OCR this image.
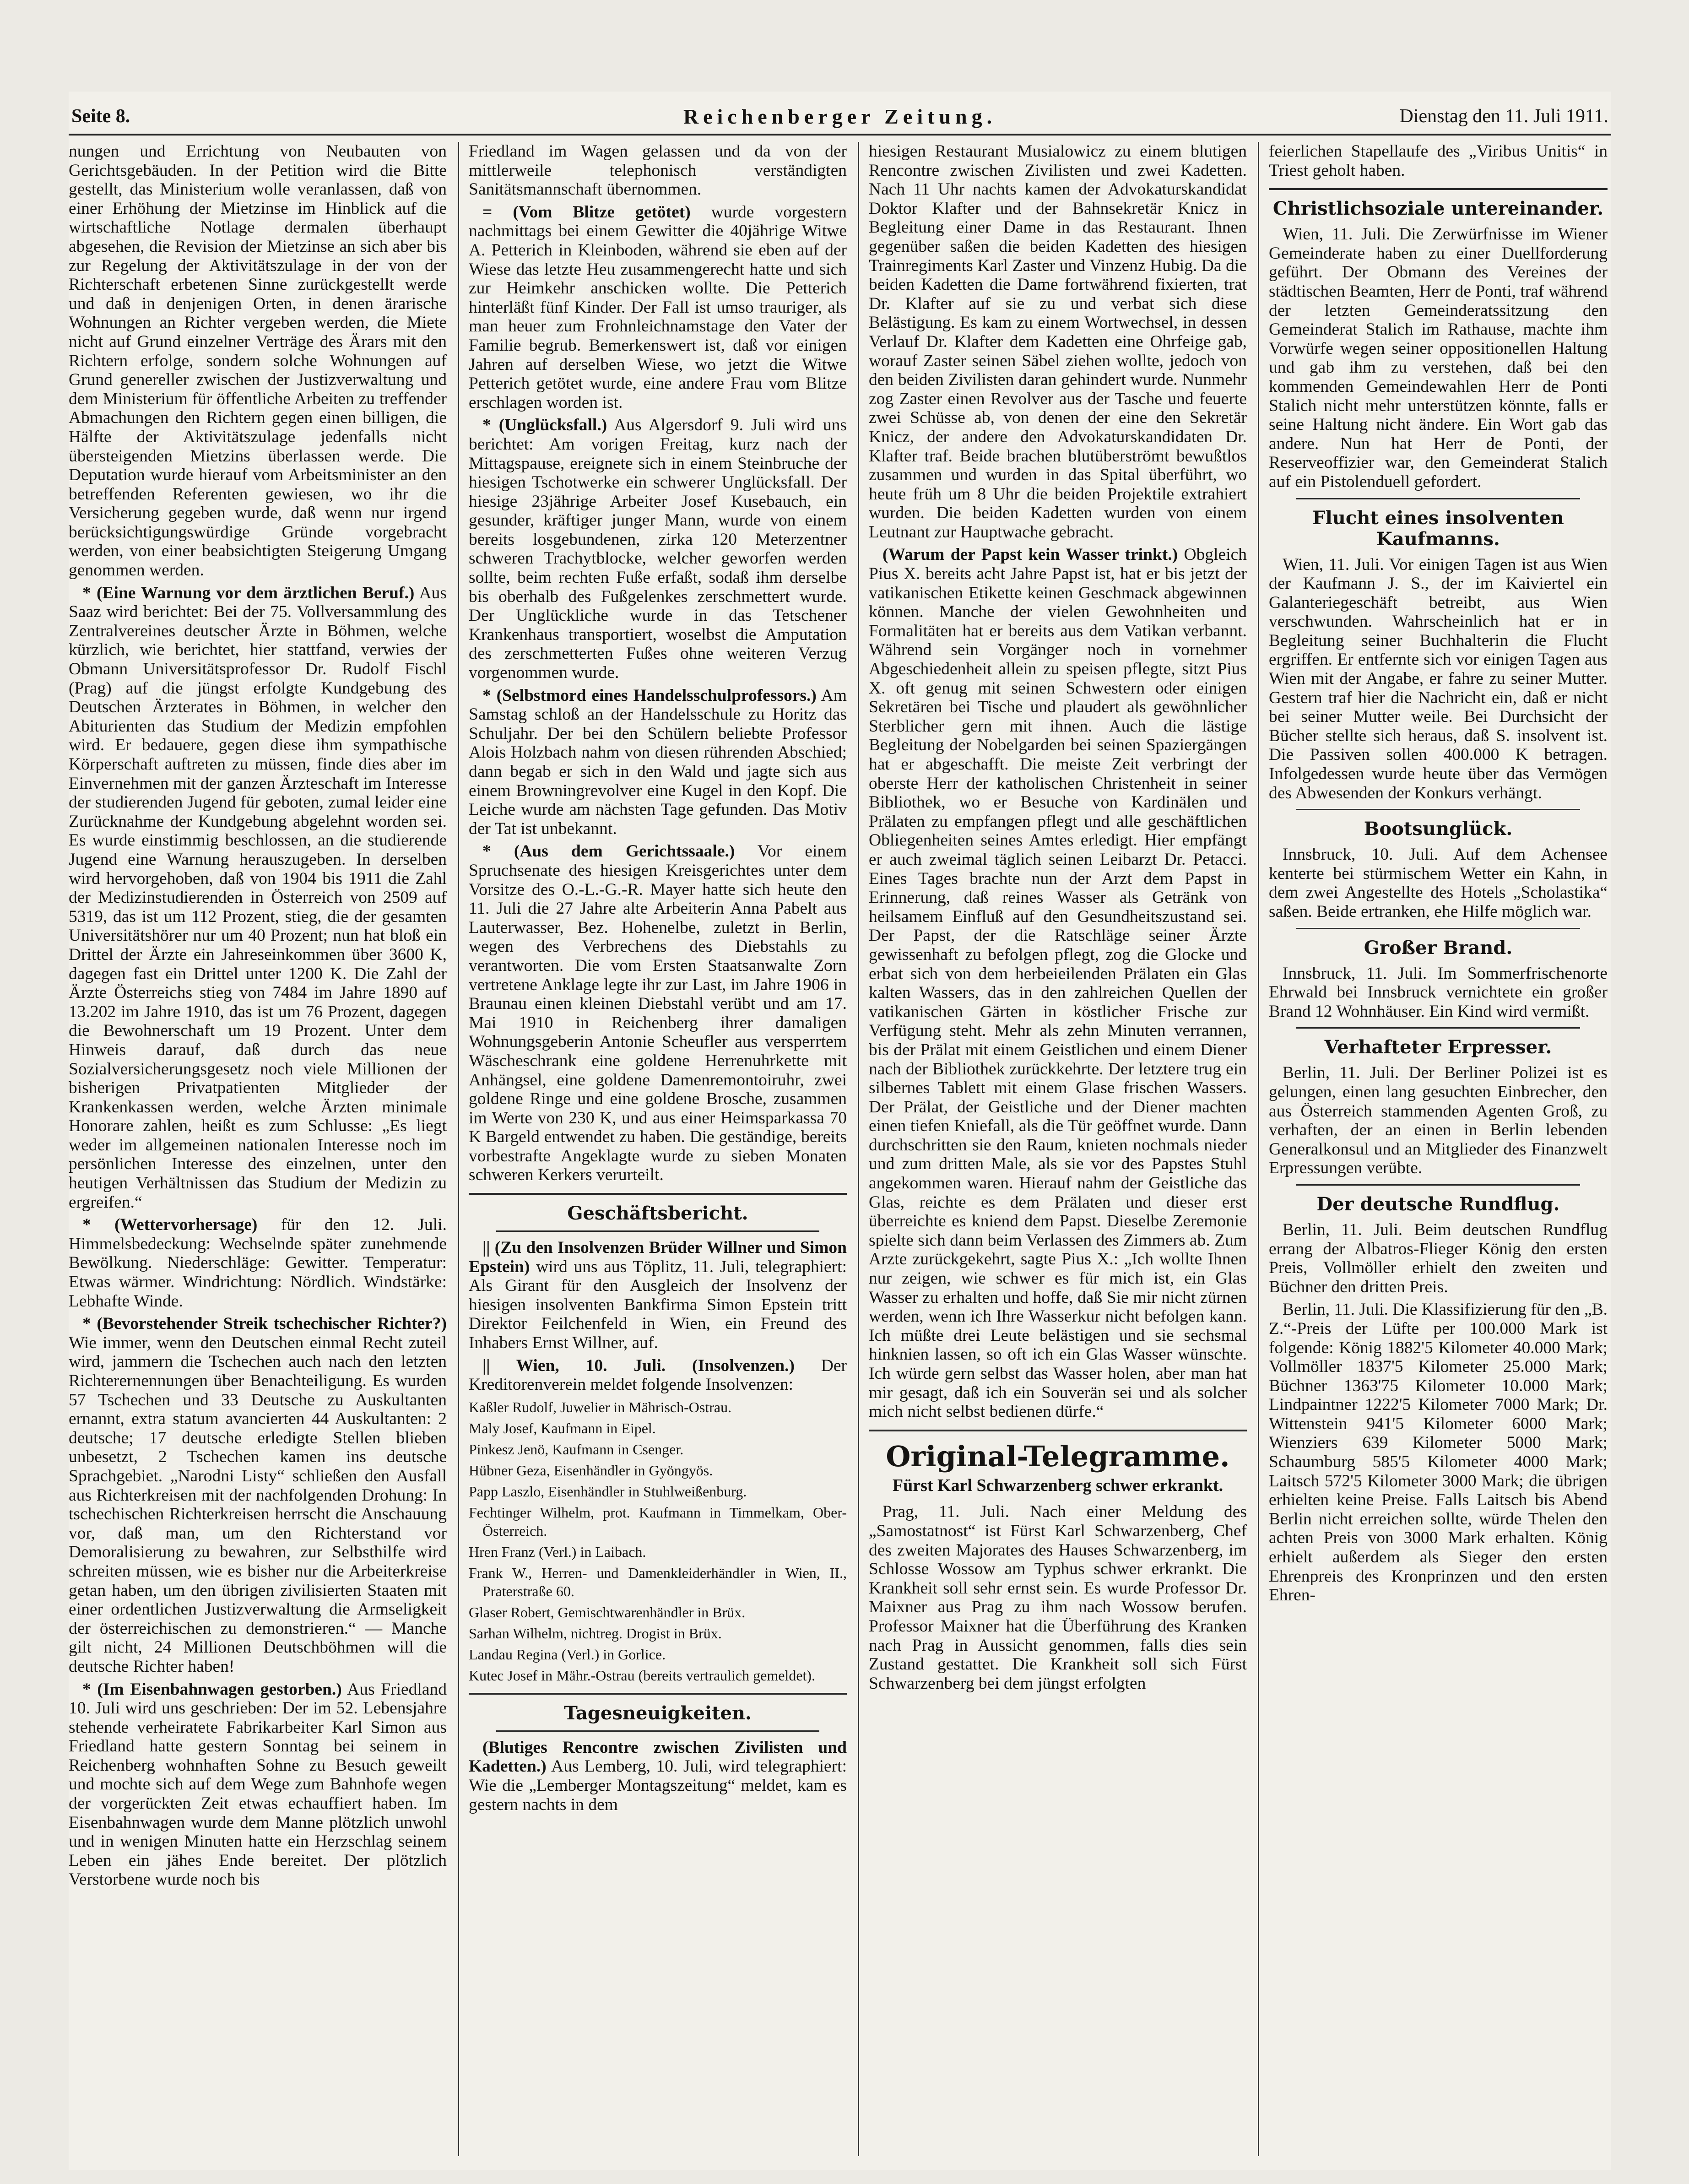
Seite 8.	Reichenberger Zeitung.	Dienstag den 11. Juli 1911.

nungen und Errichtung von Neubauten von Gerichtsgebäuden. In der Petition wird die Bitte gestellt, das Ministerium wolle veranlassen, daß von einer Erhöhung der Mietzinse im Hinblick auf die wirtschaftliche Notlage dermalen überhaupt abgesehen, die Revision der Mietzinse an sich aber bis zur Regelung der Aktivitätszulage in der von der Richterschaft erbetenen Sinne zurückgestellt werde und daß in denjenigen Orten, in denen ärarische Wohnungen an Richter vergeben werden, die Miete nicht auf Grund einzelner Verträge des Ärars mit den Richtern erfolge, sondern solche Wohnungen auf Grund genereller zwischen der Justizverwaltung und dem Ministerium für öffentliche Arbeiten zu treffender Abmachungen den Richtern gegen einen billigen, die Hälfte der Aktivitätszulage jedenfalls nicht übersteigenden Mietzins überlassen werde. Die Deputation wurde hierauf vom Arbeitsminister an den betreffenden Referenten gewiesen, wo ihr die Versicherung gegeben wurde, daß wenn nur irgend berücksichtigungswürdige Gründe vorgebracht werden, von einer beabsichtigten Steigerung Umgang genommen werden.

* (Eine Warnung vor dem ärztlichen Beruf.) Aus Saaz wird berichtet: Bei der 75. Vollversammlung des Zentralvereines deutscher Ärzte in Böhmen, welche kürzlich, wie berichtet, hier stattfand, verwies der Obmann Universitätsprofessor Dr. Rudolf Fischl (Prag) auf die jüngst erfolgte Kundgebung des Deutschen Ärzterates in Böhmen, in welcher den Abiturienten das Studium der Medizin empfohlen wird. Er bedauere, gegen diese ihm sympathische Körperschaft auftreten zu müssen, finde dies aber im Einvernehmen mit der ganzen Ärzteschaft im Interesse der studierenden Jugend für geboten, zumal leider eine Zurücknahme der Kundgebung abgelehnt worden sei. Es wurde einstimmig beschlossen, an die studierende Jugend eine Warnung herauszugeben. In derselben wird hervorgehoben, daß von 1904 bis 1911 die Zahl der Medizinstudierenden in Österreich von 2509 auf 5319, das ist um 112 Prozent, stieg, die der gesamten Universitätshörer nur um 40 Prozent; nun hat bloß ein Drittel der Ärzte ein Jahreseinkommen über 3600 K, dagegen fast ein Drittel unter 1200 K. Die Zahl der Ärzte Österreichs stieg von 7484 im Jahre 1890 auf 13.202 im Jahre 1910, das ist um 76 Prozent, dagegen die Bewohnerschaft um 19 Prozent. Unter dem Hinweis darauf, daß durch das neue Sozialversicherungsgesetz noch viele Millionen der bisherigen Privatpatienten Mitglieder der Krankenkassen werden, welche Ärzten minimale Honorare zahlen, heißt es zum Schlusse: „Es liegt weder im allgemeinen nationalen Interesse noch im persönlichen Interesse des einzelnen, unter den heutigen Verhältnissen das Studium der Medizin zu ergreifen.“

* (Wettervorhersage) für den 12. Juli. Himmelsbedeckung: Wechselnde später zunehmende Bewölkung. Niederschläge: Gewitter. Temperatur: Etwas wärmer. Windrichtung: Nördlich. Windstärke: Lebhafte Winde.

* (Bevorstehender Streik tschechischer Richter?) Wie immer, wenn den Deutschen einmal Recht zuteil wird, jammern die Tschechen auch nach den letzten Richterernennungen über Benachteiligung. Es wurden 57 Tschechen und 33 Deutsche zu Auskultanten ernannt, extra statum avancierten 44 Auskultanten: 2 deutsche; 17 deutsche erledigte Stellen blieben unbesetzt, 2 Tschechen kamen ins deutsche Sprachgebiet. „Narodni Listy“ schließen den Ausfall aus Richterkreisen mit der nachfolgenden Drohung: In tschechischen Richterkreisen herrscht die Anschauung vor, daß man, um den Richterstand vor Demoralisierung zu bewahren, zur Selbsthilfe wird schreiten müssen, wie es bisher nur die Arbeiterkreise getan haben, um den übrigen zivilisierten Staaten mit einer ordentlichen Justizverwaltung die Armseligkeit der österreichischen zu demonstrieren.“ — Manche gilt nicht, 24 Millionen Deutschböhmen will die deutsche Richter haben!

* (Im Eisenbahnwagen gestorben.) Aus Friedland 10. Juli wird uns geschrieben: Der im 52. Lebensjahre stehende verheiratete Fabrikarbeiter Karl Simon aus Friedland hatte gestern Sonntag bei seinem in Reichenberg wohnhaften Sohne zu Besuch geweilt und mochte sich auf dem Wege zum Bahnhofe wegen der vorgerückten Zeit etwas echauffiert haben. Im Eisenbahnwagen wurde dem Manne plötzlich unwohl und in wenigen Minuten hatte ein Herzschlag seinem Leben ein jähes Ende bereitet. Der plötzlich Verstorbene wurde noch bis

Friedland im Wagen gelassen und da von der mittlerweile telephonisch verständigten Sanitätsmannschaft übernommen.

= (Vom Blitze getötet) wurde vorgestern nachmittags bei einem Gewitter die 40jährige Witwe A. Petterich in Kleinboden, während sie eben auf der Wiese das letzte Heu zusammengerecht hatte und sich zur Heimkehr anschicken wollte. Die Petterich hinterläßt fünf Kinder. Der Fall ist umso trauriger, als man heuer zum Frohnleichnamstage den Vater der Familie begrub. Bemerkenswert ist, daß vor einigen Jahren auf derselben Wiese, wo jetzt die Witwe Petterich getötet wurde, eine andere Frau vom Blitze erschlagen worden ist.

* (Unglücksfall.) Aus Algersdorf 9. Juli wird uns berichtet: Am vorigen Freitag, kurz nach der Mittagspause, ereignete sich in einem Steinbruche der hiesigen Tschotwerke ein schwerer Unglücksfall. Der hiesige 23jährige Arbeiter Josef Kusebauch, ein gesunder, kräftiger junger Mann, wurde von einem bereits losgebundenen, zirka 120 Meterzentner schweren Trachytblocke, welcher geworfen werden sollte, beim rechten Fuße erfaßt, sodaß ihm derselbe bis oberhalb des Fußgelenkes zerschmettert wurde. Der Unglückliche wurde in das Tetschener Krankenhaus transportiert, woselbst die Amputation des zerschmetterten Fußes ohne weiteren Verzug vorgenommen wurde.

* (Selbstmord eines Handelsschulprofessors.) Am Samstag schloß an der Handelsschule zu Horitz das Schuljahr. Der bei den Schülern beliebte Professor Alois Holzbach nahm von diesen rührenden Abschied; dann begab er sich in den Wald und jagte sich aus einem Browningrevolver eine Kugel in den Kopf. Die Leiche wurde am nächsten Tage gefunden. Das Motiv der Tat ist unbekannt.

* (Aus dem Gerichtssaale.) Vor einem Spruchsenate des hiesigen Kreisgerichtes unter dem Vorsitze des O.-L.-G.-R. Mayer hatte sich heute den 11. Juli die 27 Jahre alte Arbeiterin Anna Pabelt aus Lauterwasser, Bez. Hohenelbe, zuletzt in Berlin, wegen des Verbrechens des Diebstahls zu verantworten. Die vom Ersten Staatsanwalte Zorn vertretene Anklage legte ihr zur Last, im Jahre 1906 in Braunau einen kleinen Diebstahl verübt und am 17. Mai 1910 in Reichenberg ihrer damaligen Wohnungsgeberin Antonie Scheufler aus versperrtem Wäscheschrank eine goldene Herrenuhrkette mit Anhängsel, eine goldene Damenremontoiruhr, zwei goldene Ringe und eine goldene Brosche, zusammen im Werte von 230 K, und aus einer Heimsparkassa 70 K Bargeld entwendet zu haben. Die geständige, bereits vorbestrafte Angeklagte wurde zu sieben Monaten schweren Kerkers verurteilt.

Geschäftsbericht.

|| (Zu den Insolvenzen Brüder Willner und Simon Epstein) wird uns aus Töplitz, 11. Juli, telegraphiert: Als Girant für den Ausgleich der Insolvenz der hiesigen insolventen Bankfirma Simon Epstein tritt Direktor Feilchenfeld in Wien, ein Freund des Inhabers Ernst Willner, auf.

|| Wien, 10. Juli. (Insolvenzen.) Der Kreditorenverein meldet folgende Insolvenzen:

Kaßler Rudolf, Juwelier in Mährisch-Ostrau.
Maly Josef, Kaufmann in Eipel.
Pinkesz Jenö, Kaufmann in Csenger.
Hübner Geza, Eisenhändler in Gyöngyös.
Papp Laszlo, Eisenhändler in Stuhlweißenburg.
Fechtinger Wilhelm, prot. Kaufmann in Timmelkam, Ober-Österreich.
Hren Franz (Verl.) in Laibach.
Frank W., Herren- und Damenkleiderhändler in Wien, II., Praterstraße 60.
Glaser Robert, Gemischtwarenhändler in Brüx.
Sarhan Wilhelm, nichtreg. Drogist in Brüx.
Landau Regina (Verl.) in Gorlice.
Kutec Josef in Mähr.-Ostrau (bereits vertraulich gemeldet).
Tagesneuigkeiten.

(Blutiges Rencontre zwischen Zivilisten und Kadetten.) Aus Lemberg, 10. Juli, wird telegraphiert: Wie die „Lemberger Montagszeitung“ meldet, kam es gestern nachts in dem

hiesigen Restaurant Musialowicz zu einem blutigen Rencontre zwischen Zivilisten und zwei Kadetten. Nach 11 Uhr nachts kamen der Advokaturskandidat Doktor Klafter und der Bahnsekretär Knicz in Begleitung einer Dame in das Restaurant. Ihnen gegenüber saßen die beiden Kadetten des hiesigen Trainregiments Karl Zaster und Vinzenz Hubig. Da die beiden Kadetten die Dame fortwährend fixierten, trat Dr. Klafter auf sie zu und verbat sich diese Belästigung. Es kam zu einem Wortwechsel, in dessen Verlauf Dr. Klafter dem Kadetten eine Ohrfeige gab, worauf Zaster seinen Säbel ziehen wollte, jedoch von den beiden Zivilisten daran gehindert wurde. Nunmehr zog Zaster einen Revolver aus der Tasche und feuerte zwei Schüsse ab, von denen der eine den Sekretär Knicz, der andere den Advokaturskandidaten Dr. Klafter traf. Beide brachen blutüberströmt bewußtlos zusammen und wurden in das Spital überführt, wo heute früh um 8 Uhr die beiden Projektile extrahiert wurden. Die beiden Kadetten wurden von einem Leutnant zur Hauptwache gebracht.

(Warum der Papst kein Wasser trinkt.) Obgleich Pius X. bereits acht Jahre Papst ist, hat er bis jetzt der vatikanischen Etikette keinen Geschmack abgewinnen können. Manche der vielen Gewohnheiten und Formalitäten hat er bereits aus dem Vatikan verbannt. Während sein Vorgänger noch in vornehmer Abgeschiedenheit allein zu speisen pflegte, sitzt Pius X. oft genug mit seinen Schwestern oder einigen Sekretären bei Tische und plaudert als gewöhnlicher Sterblicher gern mit ihnen. Auch die lästige Begleitung der Nobelgarden bei seinen Spaziergängen hat er abgeschafft. Die meiste Zeit verbringt der oberste Herr der katholischen Christenheit in seiner Bibliothek, wo er Besuche von Kardinälen und Prälaten zu empfangen pflegt und alle geschäftlichen Obliegenheiten seines Amtes erledigt. Hier empfängt er auch zweimal täglich seinen Leibarzt Dr. Petacci. Eines Tages brachte nun der Arzt dem Papst in Erinnerung, daß reines Wasser als Getränk von heilsamem Einfluß auf den Gesundheitszustand sei. Der Papst, der die Ratschläge seiner Ärzte gewissenhaft zu befolgen pflegt, zog die Glocke und erbat sich von dem herbeieilenden Prälaten ein Glas kalten Wassers, das in den zahlreichen Quellen der vatikanischen Gärten in köstlicher Frische zur Verfügung steht. Mehr als zehn Minuten verrannen, bis der Prälat mit einem Geistlichen und einem Diener nach der Bibliothek zurückkehrte. Der letztere trug ein silbernes Tablett mit einem Glase frischen Wassers. Der Prälat, der Geistliche und der Diener machten einen tiefen Kniefall, als die Tür geöffnet wurde. Dann durchschritten sie den Raum, knieten nochmals nieder und zum dritten Male, als sie vor des Papstes Stuhl angekommen waren. Hierauf nahm der Geistliche das Glas, reichte es dem Prälaten und dieser erst überreichte es kniend dem Papst. Dieselbe Zeremonie spielte sich dann beim Verlassen des Zimmers ab. Zum Arzte zurückgekehrt, sagte Pius X.: „Ich wollte Ihnen nur zeigen, wie schwer es für mich ist, ein Glas Wasser zu erhalten und hoffe, daß Sie mir nicht zürnen werden, wenn ich Ihre Wasserkur nicht befolgen kann. Ich müßte drei Leute belästigen und sie sechsmal hinknien lassen, so oft ich ein Glas Wasser wünschte. Ich würde gern selbst das Wasser holen, aber man hat mir gesagt, daß ich ein Souverän sei und als solcher mich nicht selbst bedienen dürfe.“

Original-Telegramme.
Fürst Karl Schwarzenberg schwer erkrankt.

Prag, 11. Juli. Nach einer Meldung des „Samostatnost“ ist Fürst Karl Schwarzenberg, Chef des zweiten Majorates des Hauses Schwarzenberg, im Schlosse Wossow am Typhus schwer erkrankt. Die Krankheit soll sehr ernst sein. Es wurde Professor Dr. Maixner aus Prag zu ihm nach Wossow berufen. Professor Maixner hat die Überführung des Kranken nach Prag in Aussicht genommen, falls dies sein Zustand gestattet. Die Krankheit soll sich Fürst Schwarzenberg bei dem jüngst erfolgten

feierlichen Stapellaufe des „Viribus Unitis“ in Triest geholt haben.

Christlichsoziale untereinander.

Wien, 11. Juli. Die Zerwürfnisse im Wiener Gemeinderate haben zu einer Duellforderung geführt. Der Obmann des Vereines der städtischen Beamten, Herr de Ponti, traf während der letzten Gemeinderatssitzung den Gemeinderat Stalich im Rathause, machte ihm Vorwürfe wegen seiner oppositionellen Haltung und gab ihm zu verstehen, daß bei den kommenden Gemeindewahlen Herr de Ponti Stalich nicht mehr unterstützen könnte, falls er seine Haltung nicht ändere. Ein Wort gab das andere. Nun hat Herr de Ponti, der Reserveoffizier war, den Gemeinderat Stalich auf ein Pistolenduell gefordert.

Flucht eines insolventen Kaufmanns.

Wien, 11. Juli. Vor einigen Tagen ist aus Wien der Kaufmann J. S., der im Kaiviertel ein Galanteriegeschäft betreibt, aus Wien verschwunden. Wahrscheinlich hat er in Begleitung seiner Buchhalterin die Flucht ergriffen. Er entfernte sich vor einigen Tagen aus Wien mit der Angabe, er fahre zu seiner Mutter. Gestern traf hier die Nachricht ein, daß er nicht bei seiner Mutter weile. Bei Durchsicht der Bücher stellte sich heraus, daß S. insolvent ist. Die Passiven sollen 400.000 K betragen. Infolgedessen wurde heute über das Vermögen des Abwesenden der Konkurs verhängt.

Bootsunglück.

Innsbruck, 10. Juli. Auf dem Achensee kenterte bei stürmischem Wetter ein Kahn, in dem zwei Angestellte des Hotels „Scholastika“ saßen. Beide ertranken, ehe Hilfe möglich war.

Großer Brand.

Innsbruck, 11. Juli. Im Sommerfrischenorte Ehrwald bei Innsbruck vernichtete ein großer Brand 12 Wohnhäuser. Ein Kind wird vermißt.

Verhafteter Erpresser.

Berlin, 11. Juli. Der Berliner Polizei ist es gelungen, einen lang gesuchten Einbrecher, den aus Österreich stammenden Agenten Groß, zu verhaften, der an einen in Berlin lebenden Generalkonsul und an Mitglieder des Finanzwelt Erpressungen verübte.

Der deutsche Rundflug.

Berlin, 11. Juli. Beim deutschen Rundflug errang der Albatros-Flieger König den ersten Preis, Vollmöller erhielt den zweiten und Büchner den dritten Preis.

Berlin, 11. Juli. Die Klassifizierung für den „B. Z.“-Preis der Lüfte per 100.000 Mark ist folgende: König 1882'5 Kilometer 40.000 Mark; Vollmöller 1837'5 Kilometer 25.000 Mark; Büchner 1363'75 Kilometer 10.000 Mark; Lindpaintner 1222'5 Kilometer 7000 Mark; Dr. Wittenstein 941'5 Kilometer 6000 Mark; Wienziers 639 Kilometer 5000 Mark; Schaumburg 585'5 Kilometer 4000 Mark; Laitsch 572'5 Kilometer 3000 Mark; die übrigen erhielten keine Preise. Falls Laitsch bis Abend Berlin nicht erreichen sollte, würde Thelen den achten Preis von 3000 Mark erhalten. König erhielt außerdem als Sieger den ersten Ehrenpreis des Kronprinzen und den ersten Ehren-
